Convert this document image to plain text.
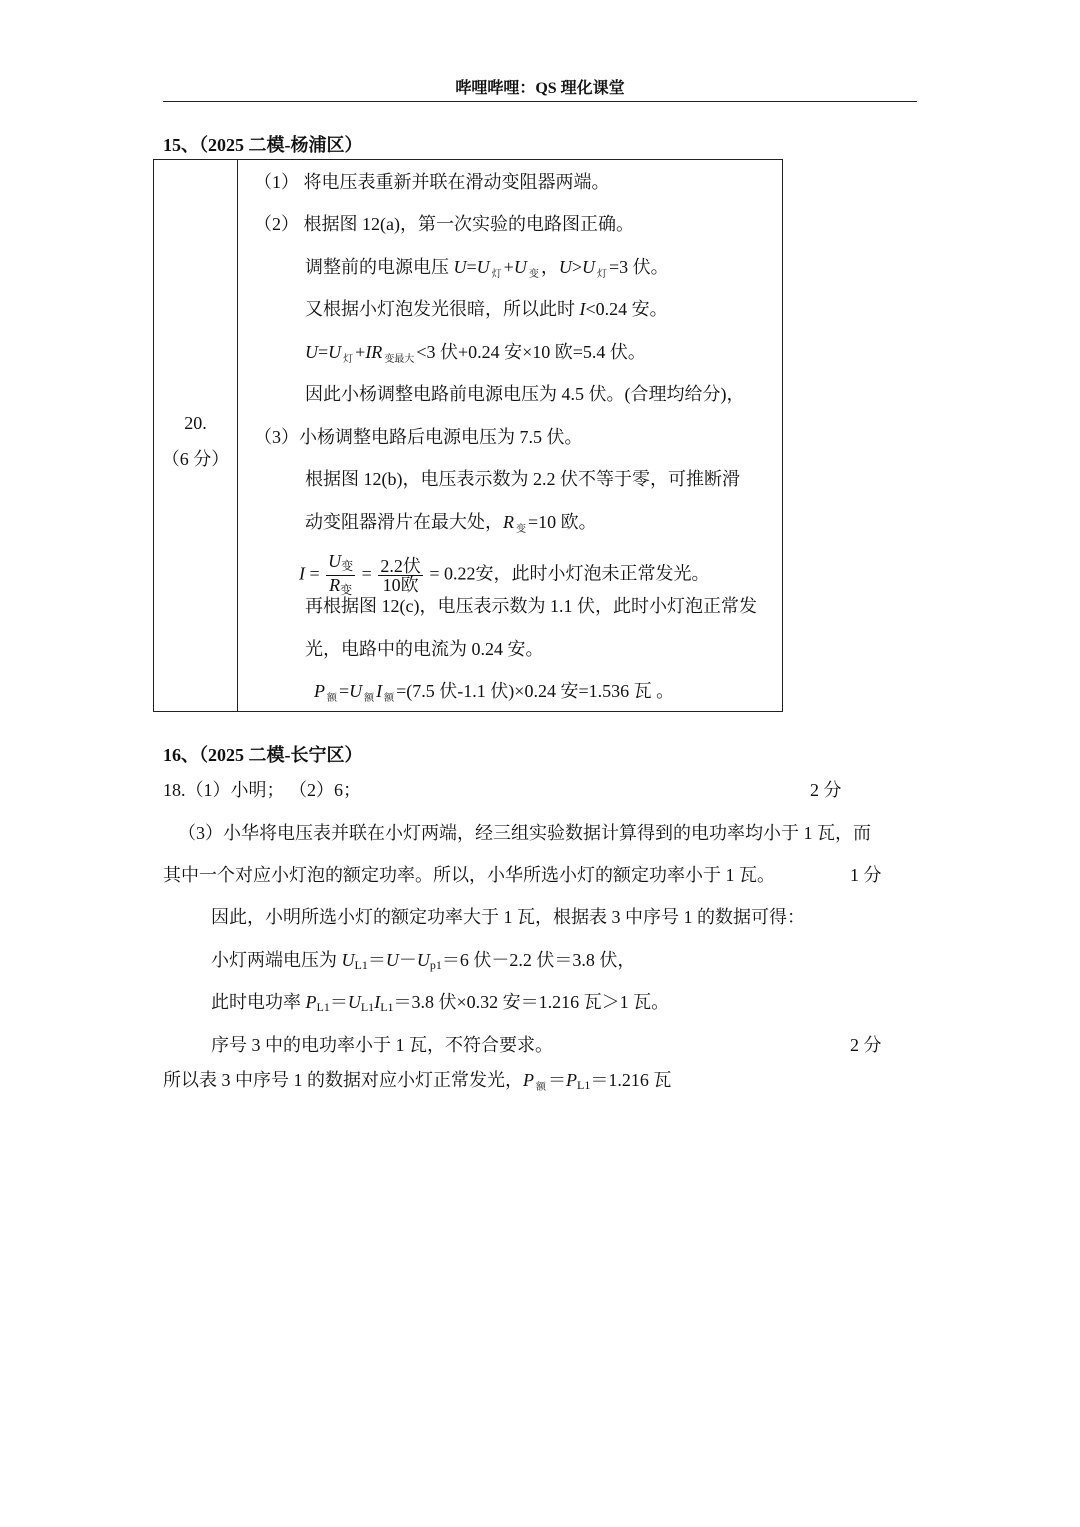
哔哩哔哩：QS 理化课堂
15、（2025 二模-杨浦区）
20.
（6 分）
（1） 将电压表重新并联在滑动变阻器两端。
（2） 根据图 12(a)，第一次实验的电路图正确。
调整前的电源电压 U=U $_灯$ +U $_变$ ，U>U $_灯$ =3 伏。
又根据小灯泡发光很暗，所以此时 I<0.24 安。
U=U $_灯$ +IR $_{变最大}$ <3 伏+0.24 安×10 欧=5.4 伏。
因此小杨调整电路前电源电压为 4.5 伏。(合理均给分)，
（3）小杨调整电路后电源电压为 7.5 伏。
根据图 12(b)，电压表示数为 2.2 伏不等于零，可推断滑
动变阻器滑片在最大处，R $_变$ =10 欧。
$I = \frac{\text{U变}}{\text{R变}} = \frac{\text{2.2伏}}{\text{10欧}} = 0.22$安，此时小灯泡未正常发光。
再根据图 12(c)，电压表示数为 1.1 伏，此时小灯泡正常发
光，电路中的电流为 0.24 安。
P $_额$ =U $_额$ I $_额$ =(7.5 伏-1.1 伏)×0.24 安=1.536 瓦 。
16、（2025 二模-长宁区）
18.（1）小明； （2）6；
（3）小华将电压表并联在小灯两端，经三组实验数据计算得到的电功率均小于 1 瓦，而
其中一个对应小灯泡的额定功率。所以，小华所选小灯的额定功率小于 1 瓦。
因此，小明所选小灯的额定功率大于 1 瓦，根据表 3 中序号 1 的数据可得：
小灯两端电压为 UL1＝U－Up1＝6 伏－2.2 伏＝3.8 伏，
此时电功率 PL1＝UL1IL1＝3.8 伏×0.32 安＝1.216 瓦＞1 瓦。
序号 3 中的电功率小于 1 瓦，不符合要求。
所以表 3 中序号 1 的数据对应小灯正常发光，P $_额$ ＝PL1＝1.216 瓦
2 分
1 分
2 分
